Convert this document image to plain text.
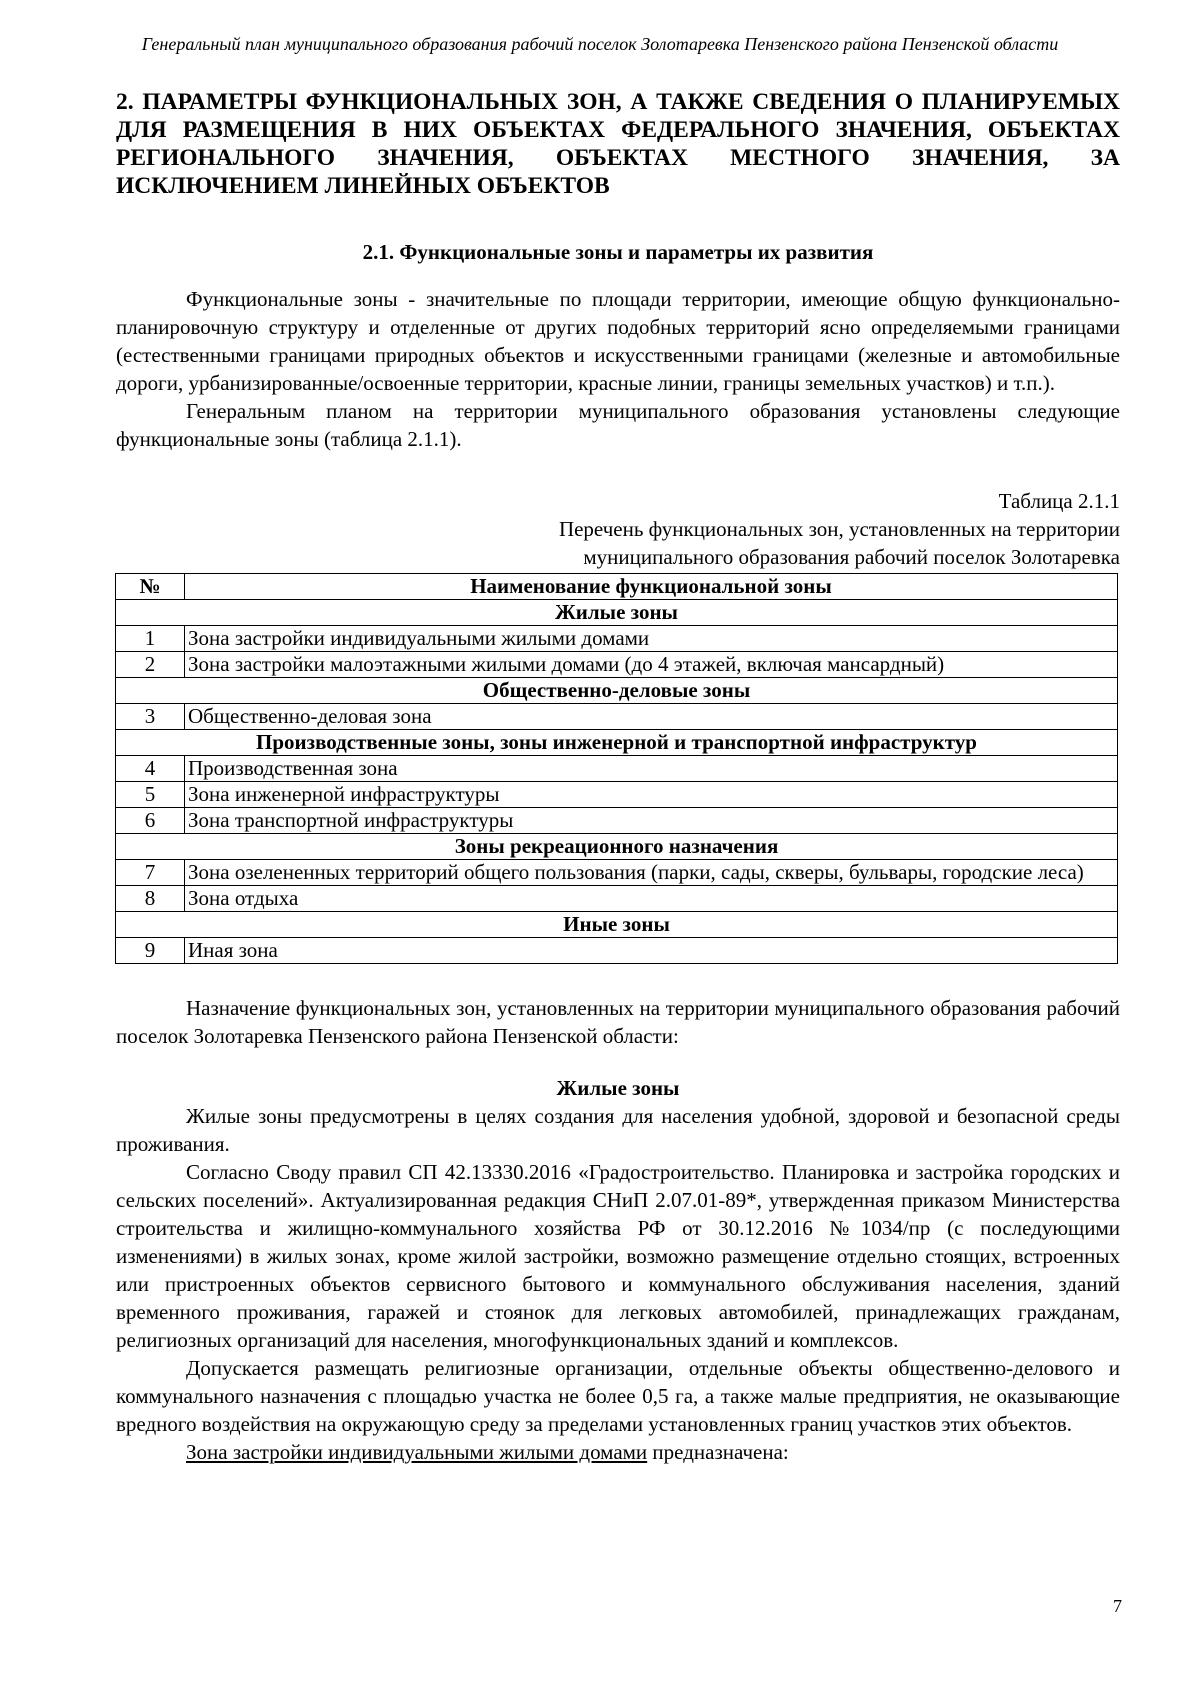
Генеральный план муниципального образования рабочий поселок Золотаревка Пензенского района Пензенской области
2. ПАРАМЕТРЫ ФУНКЦИОНАЛЬНЫХ ЗОН, А ТАКЖЕ СВЕДЕНИЯ О ПЛАНИРУЕМЫХ ДЛЯ РАЗМЕЩЕНИЯ В НИХ ОБЪЕКТАХ ФЕДЕРАЛЬНОГО ЗНАЧЕНИЯ, ОБЪЕКТАХ РЕГИОНАЛЬНОГО ЗНАЧЕНИЯ, ОБЪЕКТАХ МЕСТНОГО ЗНАЧЕНИЯ, ЗА ИСКЛЮЧЕНИЕМ ЛИНЕЙНЫХ ОБЪЕКТОВ
2.1. Функциональные зоны и параметры их развития

Функциональные зоны - значительные по площади территории, имеющие общую функционально-планировочную структуру и отделенные от других подобных территорий ясно определяемыми границами (естественными границами природных объектов и искусственными границами (железные и автомобильные дороги, урбанизированные/освоенные территории, красные линии, границы земельных участков) и т.п.).

Генеральным планом на территории муниципального образования установлены следующие функциональные зоны (таблица 2.1.1).

Таблица 2.1.1
Перечень функциональных зон, установленных на территории
муниципального образования рабочий поселок Золотаревка
№	Наименование функциональной зоны
Жилые зоны	
1	Зона застройки индивидуальными жилыми домами
2	Зона застройки малоэтажными жилыми домами (до 4 этажей, включая мансардный)
Общественно-деловые зоны	
3	Общественно-деловая зона
Производственные зоны, зоны инженерной и транспортной инфраструктур	
4	Производственная зона
5	Зона инженерной инфраструктуры
6	Зона транспортной инфраструктуры
Зоны рекреационного назначения	
7	Зона озелененных территорий общего пользования (парки, сады, скверы, бульвары, городские леса)
8	Зона отдыха
Иные зоны	
9	Иная зона

Назначение функциональных зон, установленных на территории муниципального образования рабочий поселок Золотаревка Пензенского района Пензенской области:

Жилые зоны

Жилые зоны предусмотрены в целях создания для населения удобной, здоровой и безопасной среды проживания.

Согласно Своду правил СП 42.13330.2016 «Градостроительство. Планировка и застройка городских и сельских поселений». Актуализированная редакция СНиП 2.07.01-89*, утвержденная приказом Министерства строительства и жилищно-коммунального хозяйства РФ от 30.12.2016 №1034/пр (с последующими изменениями) в жилых зонах, кроме жилой застройки, возможно размещение отдельно стоящих, встроенных или пристроенных объектов сервисного бытового и коммунального обслуживания населения, зданий временного проживания, гаражей и стоянок для легковых автомобилей, принадлежащих гражданам, религиозных организаций для населения, многофункциональных зданий и комплексов.

Допускается размещать религиозные организации, отдельные объекты общественно-делового и коммунального назначения с площадью участка не более 0,5 га, а также малые предприятия, не оказывающие вредного воздействия на окружающую среду за пределами установленных границ участков этих объектов.

Зона застройки индивидуальными жилыми домами предназначена:

7
